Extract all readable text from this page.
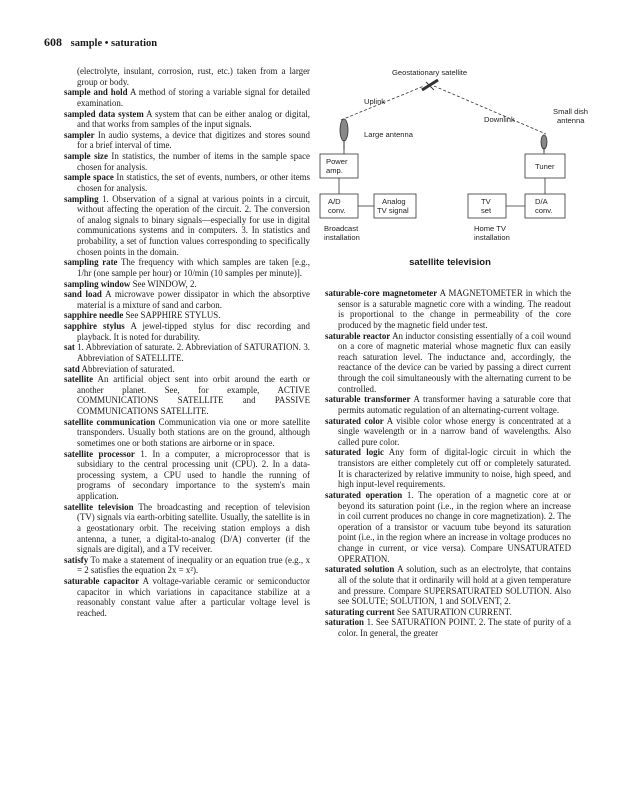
608 sample • saturation
(electrolyte, insulant, corrosion, rust, etc.) taken from a larger group or body.
sample and hold A method of storing a variable signal for detailed examination.
sampled data system A system that can be either analog or digital, and that works from samples of the input signals.
sampler In audio systems, a device that digitizes and stores sound for a brief interval of time.
sample size In statistics, the number of items in the sample space chosen for analysis.
sample space In statistics, the set of events, numbers, or other items chosen for analysis.
sampling 1. Observation of a signal at various points in a circuit, without affecting the operation of the circuit. 2. The conversion of analog signals to binary signals—especially for use in digital communications systems and in computers. 3. In statistics and probability, a set of function values corresponding to specifically chosen points in the domain.
sampling rate The frequency with which samples are taken [e.g., 1/hr (one sample per hour) or 10/min (10 samples per minute)].
sampling window See WINDOW, 2.
sand load A microwave power dissipator in which the absorptive material is a mixture of sand and carbon.
sapphire needle See SAPPHIRE STYLUS.
sapphire stylus A jewel-tipped stylus for disc recording and playback. It is noted for durability.
sat 1. Abbreviation of saturate. 2. Abbreviation of SATURATION. 3. Abbreviation of SATELLITE.
satd Abbreviation of saturated.
satellite An artificial object sent into orbit around the earth or another planet. See, for example, ACTIVE COMMUNICATIONS SATELLITE and PASSIVE COMMUNICATIONS SATELLITE.
satellite communication Communication via one or more satellite transponders. Usually both stations are on the ground, although sometimes one or both stations are airborne or in space.
satellite processor 1. In a computer, a microprocessor that is subsidiary to the central processing unit (CPU). 2. In a data-processing system, a CPU used to handle the running of programs of secondary importance to the system's main application.
satellite television The broadcasting and reception of television (TV) signals via earth-orbiting satellite. Usually, the satellite is in a geostationary orbit. The receiving station employs a dish antenna, a tuner, a digital-to-analog (D/A) converter (if the signals are digital), and a TV receiver.
satisfy To make a statement of inequality or an equation true (e.g., x = 2 satisfies the equation 2x = x²).
saturable capacitor A voltage-variable ceramic or semiconductor capacitor in which variations in capacitance stabilize at a reasonably constant value after a particular voltage level is reached.
Geostationary satellite
Uplink
Downlink
Large antenna
Small dish
antenna
Power
amp.
A/D
conv.
Analog
TV signal
Broadcast
installation
Tuner
TV
set
D/A
conv.
Home TV
installation
satellite television
saturable-core magnetometer A MAGNETOMETER in which the sensor is a saturable magnetic core with a winding. The readout is proportional to the change in permeability of the core produced by the magnetic field under test.
saturable reactor An inductor consisting essentially of a coil wound on a core of magnetic material whose magnetic flux can easily reach saturation level. The inductance and, accordingly, the reactance of the device can be varied by passing a direct current through the coil simultaneously with the alternating current to be controlled.
saturable transformer A transformer having a saturable core that permits automatic regulation of an alternating-current voltage.
saturated color A visible color whose energy is concentrated at a single wavelength or in a narrow band of wavelengths. Also called pure color.
saturated logic Any form of digital-logic circuit in which the transistors are either completely cut off or completely saturated. It is characterized by relative immunity to noise, high speed, and high input-level requirements.
saturated operation 1. The operation of a magnetic core at or beyond its saturation point (i.e., in the region where an increase in coil current produces no change in core magnetization). 2. The operation of a transistor or vacuum tube beyond its saturation point (i.e., in the region where an increase in voltage produces no change in current, or vice versa). Compare UNSATURATED OPERATION.
saturated solution A solution, such as an electrolyte, that contains all of the solute that it ordinarily will hold at a given temperature and pressure. Compare SUPERSATURATED SOLUTION. Also see SOLUTE; SOLUTION, 1 and SOLVENT, 2.
saturating current See SATURATION CURRENT.
saturation 1. See SATURATION POINT. 2. The state of purity of a color. In general, the greater
